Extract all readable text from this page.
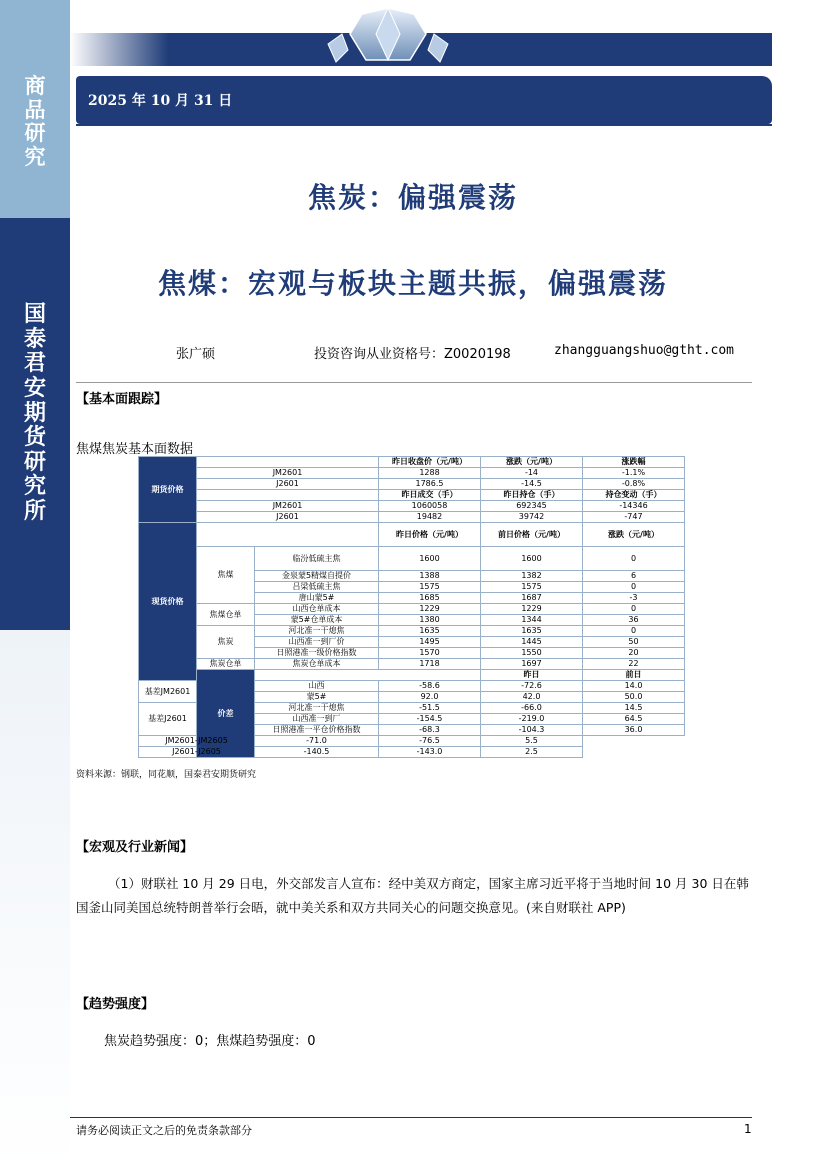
商
品
研
究
国
泰
君
安
期
货
研
究
所
2025 年 10 月 31 日
焦炭：偏强震荡
焦煤：宏观与板块主题共振，偏强震荡
张广硕	投资咨询从业资格号：Z0020198	zhangguangshuo@gtht.com
【基本面跟踪】
焦煤焦炭基本面数据
期货价格			昨日收盘价（元/吨）	涨跌（元/吨）	涨跌幅	
	JM2601		1288	-14	-1.1%	
	J2601		1786.5	-14.5	-0.8%	
			昨日成交（手）	昨日持仓（手）	持仓变动（手）	
	JM2601		1060058	692345	-14346	
	J2601		19482	39742	-747	
现货价格			昨日价格（元/吨）	前日价格（元/吨）	涨跌（元/吨）	
	焦煤	临汾低硫主焦	1600	1600	0	
		金泉蒙5精煤自提价	1388	1382	6	
		吕梁低硫主焦	1575	1575	0	
		唐山蒙5#	1685	1687	-3	
	焦煤仓单	山西仓单成本	1229	1229	0	
		蒙5#仓单成本	1380	1344	36	
	焦炭	河北准一干熄焦	1635	1635	0	
		山西准一到厂价	1495	1445	50	
		日照港准一级价格指数	1570	1550	20	
	焦炭仓单	焦炭仓单成本	1718	1697	22	
	价差			昨日	前日	
基差JM2601		山西	-58.6	-72.6	14.0	
		蒙5#	92.0	42.0	50.0	
基差J2601		河北准一干熄焦	-51.5	-66.0	14.5	
		山西准一到厂	-154.5	-219.0	64.5	
		日照港准一平仓价格指数	-68.3	-104.3	36.0	
JM2601-JM2605		-71.0	-76.5	5.5		
J2601-J2605		-140.5	-143.0	2.5		
资料来源：钢联，同花顺，国泰君安期货研究
【宏观及行业新闻】
（1）财联社 10 月 29 日电，外交部发言人宣布：经中美双方商定，国家主席习近平将于当地时间 10 月 30 日在韩国釜山同美国总统特朗普举行会晤，就中美关系和双方共同关心的问题交换意见。(来自财联社 APP)
【趋势强度】
焦炭趋势强度：0；焦煤趋势强度：0
请务必阅读正文之后的免责条款部分	1
